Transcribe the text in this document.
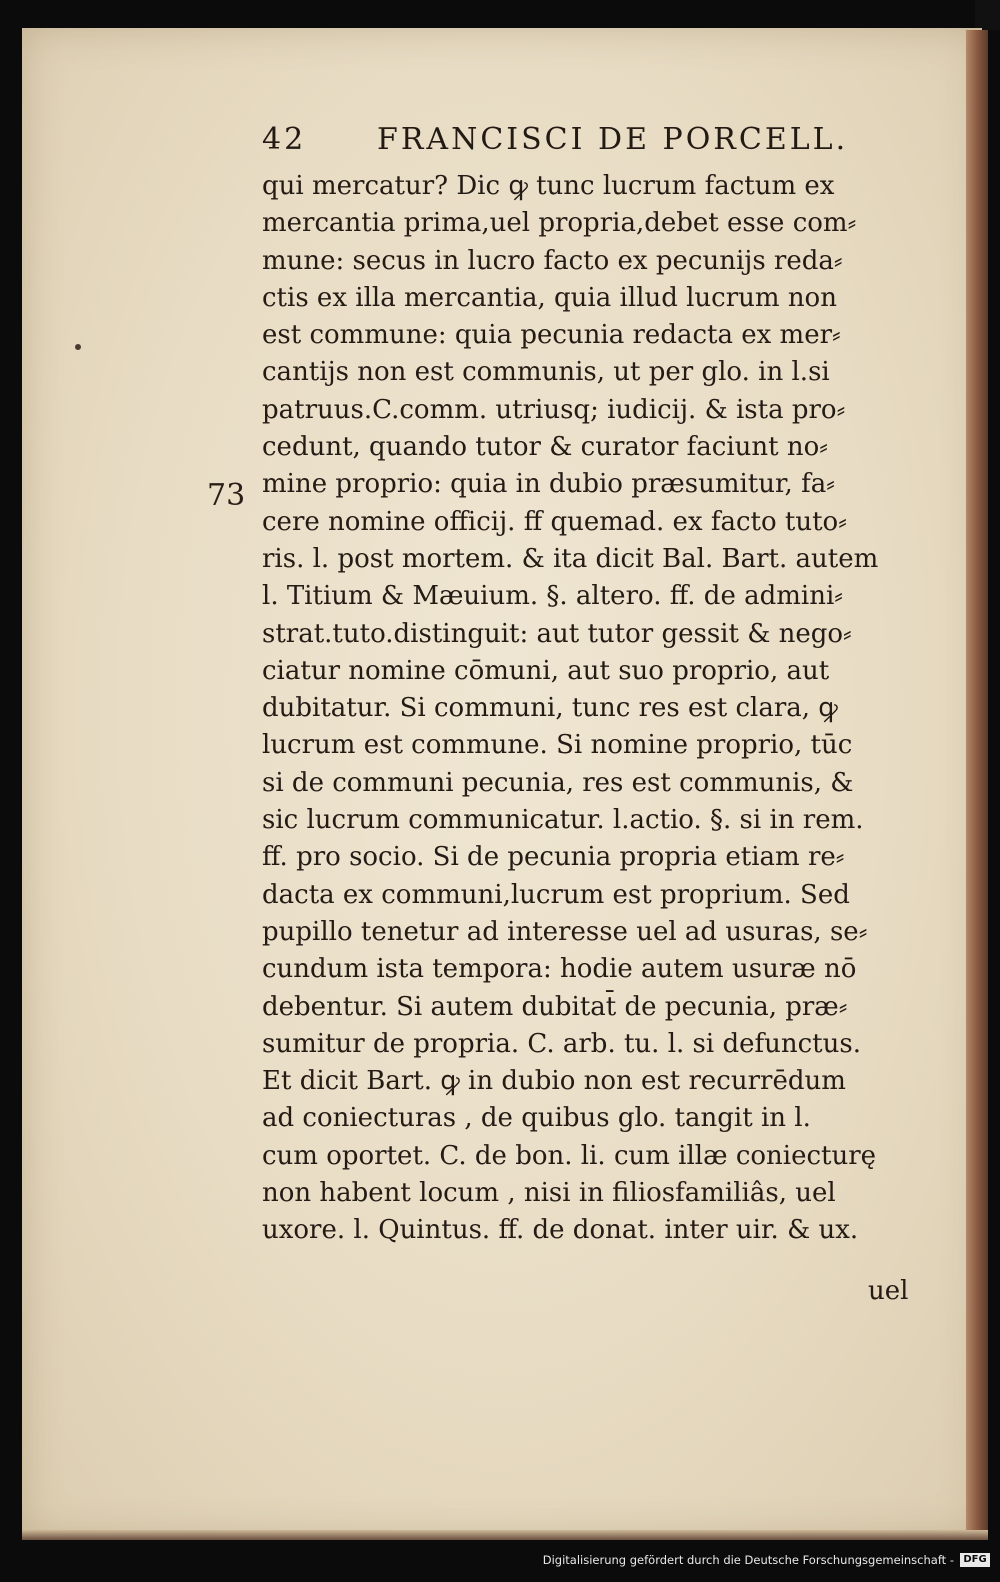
42 FRANCISCI DE PORCELL.
73
qui mercatur? Dic ꝙ tunc lucrum factum ex
mercantia prima,uel propria,debet esse com⸗
mune: secus in lucro facto ex pecunijs reda⸗
ctis ex illa mercantia, quia illud lucrum non
est commune: quia pecunia redacta ex mer⸗
cantijs non est communis, ut per glo. in l.si
patruus.C.comm. utriusq; iudicij. & ista pro⸗
cedunt, quando tutor & curator faciunt no⸗
mine proprio: quia in dubio præsumitur, fa⸗
cere nomine officij. ff quemad. ex facto tuto⸗
ris. l. post mortem. & ita dicit Bal. Bart. autem
l. Titium & Mæuium. §. altero. ff. de admini⸗
strat.tuto.distinguit: aut tutor gessit & nego⸗
ciatur nomine cōmuni, aut suo proprio, aut
dubitatur. Si communi, tunc res est clara, ꝙ
lucrum est commune. Si nomine proprio, tūc
si de communi pecunia, res est communis, &
sic lucrum communicatur. l.actio. §. si in rem.
ff. pro socio. Si de pecunia propria etiam re⸗
dacta ex communi,lucrum est proprium. Sed
pupillo tenetur ad interesse uel ad usuras, se⸗
cundum ista tempora: hodie autem usuræ nō
debentur. Si autem dubitat̄ de pecunia, præ⸗
sumitur de propria. C. arb. tu. l. si defunctus.
Et dicit Bart. ꝙ in dubio non est recurrēdum
ad coniecturas , de quibus glo. tangit in l.
cum oportet. C. de bon. li. cum illæ coniecturę
non habent locum , nisi in filiosfamiliâs, uel
uxore. l. Quintus. ff. de donat. inter uir. & ux.
uel
Digitalisierung gefördert durch die Deutsche Forschungsgemeinschaft - DFG
